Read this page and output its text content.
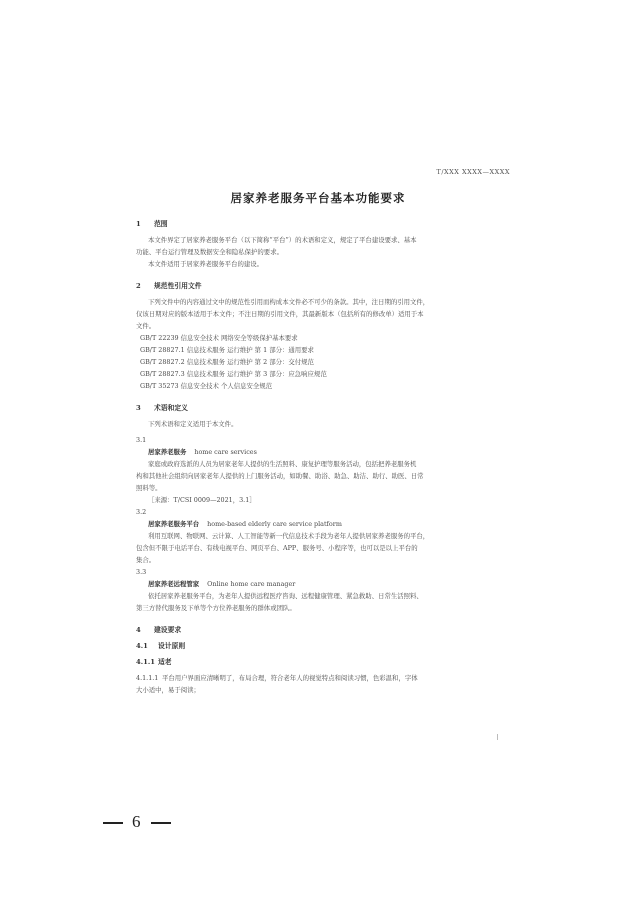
T/XXX XXXX—XXXX
居家养老服务平台基本功能要求
1 范围
本文件界定了居家养老服务平台（以下简称“平台”）的术语和定义，规定了平台建设要求、基本
功能、平台运行管理及数据安全和隐私保护的要求。
本文件适用于居家养老服务平台的建设。
2 规范性引用文件
下列文件中的内容通过文中的规范性引用而构成本文件必不可少的条款。其中，注日期的引用文件，
仅该日期对应的版本适用于本文件；不注日期的引用文件，其最新版本（包括所有的修改单）适用于本
文件。
GB/T 22239 信息安全技术 网络安全等级保护基本要求
GB/T 28827.1 信息技术服务 运行维护 第 1 部分：通用要求
GB/T 28827.2 信息技术服务 运行维护 第 2 部分：交付规范
GB/T 28827.3 信息技术服务 运行维护 第 3 部分：应急响应规范
GB/T 35273 信息安全技术 个人信息安全规范
3 术语和定义
下列术语和定义适用于本文件。
3.1
居家养老服务 home care services
家庭或政府选派的人员为居家老年人提供的生活照料、康复护理等服务活动，包括把养老服务机
构和其他社会组织向居家老年人提供的上门服务活动，如助餐、助浴、助急、助洁、助行、助医、日常
照料等。
［来源：T/CSI 0009—2021，3.1］
3.2
居家养老服务平台 home-based elderly care service platform
利用互联网、物联网、云计算、人工智能等新一代信息技术手段为老年人提供居家养老服务的平台，
包含但不限于电话平台、有线电视平台、网页平台、APP、服务号、小程序等，也可以是以上平台的
集合。
3.3
居家养老远程管家 Online home care manager
依托居家养老服务平台，为老年人提供远程医疗咨询、远程健康管理、紧急救助、日常生活照料、
第三方替代服务及下单等个方位养老服务的群体或团队。
4 建设要求
4.1 设计原则
4.1.1 适老
4.1.1.1 平台用户界面应清晰明了，布局合理，符合老年人的视觉特点和阅读习惯，色彩温和，字体
大小适中，易于阅读；
6
